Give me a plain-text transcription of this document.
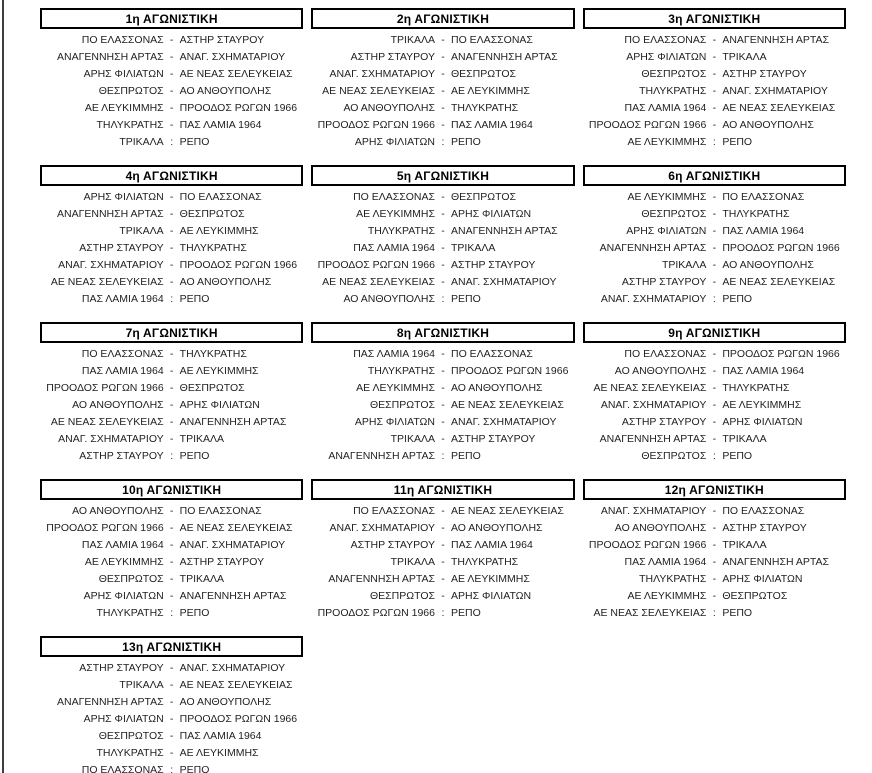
1η ΑΓΩΝΙΣΤΙΚΗ
ΠΟ ΕΛΑΣΣΟΝΑΣ - ΑΣΤΗΡ ΣΤΑΥΡΟΥ
ΑΝΑΓΕΝΝΗΣΗ ΑΡΤΑΣ - ΑΝΑΓ. ΣΧΗΜΑΤΑΡΙΟΥ
ΑΡΗΣ ΦΙΛΙΑΤΩΝ - ΑΕ ΝΕΑΣ ΣΕΛΕΥΚΕΙΑΣ
ΘΕΣΠΡΩΤΟΣ - ΑΟ ΑΝΘΟΥΠΟΛΗΣ
ΑΕ ΛΕΥΚΙΜΜΗΣ - ΠΡΟΟΔΟΣ ΡΩΓΩΝ 1966
ΤΗΛΥΚΡΑΤΗΣ - ΠΑΣ ΛΑΜΙΑ 1964
ΤΡΙΚΑΛΑ : ΡΕΠΟ
2η ΑΓΩΝΙΣΤΙΚΗ
ΤΡΙΚΑΛΑ - ΠΟ ΕΛΑΣΣΟΝΑΣ
ΑΣΤΗΡ ΣΤΑΥΡΟΥ - ΑΝΑΓΕΝΝΗΣΗ ΑΡΤΑΣ
ΑΝΑΓ. ΣΧΗΜΑΤΑΡΙΟΥ - ΘΕΣΠΡΩΤΟΣ
ΑΕ ΝΕΑΣ ΣΕΛΕΥΚΕΙΑΣ - ΑΕ ΛΕΥΚΙΜΜΗΣ
ΑΟ ΑΝΘΟΥΠΟΛΗΣ - ΤΗΛΥΚΡΑΤΗΣ
ΠΡΟΟΔΟΣ ΡΩΓΩΝ 1966 - ΠΑΣ ΛΑΜΙΑ 1964
ΑΡΗΣ ΦΙΛΙΑΤΩΝ : ΡΕΠΟ
3η ΑΓΩΝΙΣΤΙΚΗ
ΠΟ ΕΛΑΣΣΟΝΑΣ - ΑΝΑΓΕΝΝΗΣΗ ΑΡΤΑΣ
ΑΡΗΣ ΦΙΛΙΑΤΩΝ - ΤΡΙΚΑΛΑ
ΘΕΣΠΡΩΤΟΣ - ΑΣΤΗΡ ΣΤΑΥΡΟΥ
ΤΗΛΥΚΡΑΤΗΣ - ΑΝΑΓ. ΣΧΗΜΑΤΑΡΙΟΥ
ΠΑΣ ΛΑΜΙΑ 1964 - ΑΕ ΝΕΑΣ ΣΕΛΕΥΚΕΙΑΣ
ΠΡΟΟΔΟΣ ΡΩΓΩΝ 1966 - ΑΟ ΑΝΘΟΥΠΟΛΗΣ
ΑΕ ΛΕΥΚΙΜΜΗΣ : ΡΕΠΟ
4η ΑΓΩΝΙΣΤΙΚΗ
ΑΡΗΣ ΦΙΛΙΑΤΩΝ - ΠΟ ΕΛΑΣΣΟΝΑΣ
ΑΝΑΓΕΝΝΗΣΗ ΑΡΤΑΣ - ΘΕΣΠΡΩΤΟΣ
ΤΡΙΚΑΛΑ - ΑΕ ΛΕΥΚΙΜΜΗΣ
ΑΣΤΗΡ ΣΤΑΥΡΟΥ - ΤΗΛΥΚΡΑΤΗΣ
ΑΝΑΓ. ΣΧΗΜΑΤΑΡΙΟΥ - ΠΡΟΟΔΟΣ ΡΩΓΩΝ 1966
ΑΕ ΝΕΑΣ ΣΕΛΕΥΚΕΙΑΣ - ΑΟ ΑΝΘΟΥΠΟΛΗΣ
ΠΑΣ ΛΑΜΙΑ 1964 : ΡΕΠΟ
5η ΑΓΩΝΙΣΤΙΚΗ
ΠΟ ΕΛΑΣΣΟΝΑΣ - ΘΕΣΠΡΩΤΟΣ
ΑΕ ΛΕΥΚΙΜΜΗΣ - ΑΡΗΣ ΦΙΛΙΑΤΩΝ
ΤΗΛΥΚΡΑΤΗΣ - ΑΝΑΓΕΝΝΗΣΗ ΑΡΤΑΣ
ΠΑΣ ΛΑΜΙΑ 1964 - ΤΡΙΚΑΛΑ
ΠΡΟΟΔΟΣ ΡΩΓΩΝ 1966 - ΑΣΤΗΡ ΣΤΑΥΡΟΥ
ΑΕ ΝΕΑΣ ΣΕΛΕΥΚΕΙΑΣ - ΑΝΑΓ. ΣΧΗΜΑΤΑΡΙΟΥ
ΑΟ ΑΝΘΟΥΠΟΛΗΣ : ΡΕΠΟ
6η ΑΓΩΝΙΣΤΙΚΗ
ΑΕ ΛΕΥΚΙΜΜΗΣ - ΠΟ ΕΛΑΣΣΟΝΑΣ
ΘΕΣΠΡΩΤΟΣ - ΤΗΛΥΚΡΑΤΗΣ
ΑΡΗΣ ΦΙΛΙΑΤΩΝ - ΠΑΣ ΛΑΜΙΑ 1964
ΑΝΑΓΕΝΝΗΣΗ ΑΡΤΑΣ - ΠΡΟΟΔΟΣ ΡΩΓΩΝ 1966
ΤΡΙΚΑΛΑ - ΑΟ ΑΝΘΟΥΠΟΛΗΣ
ΑΣΤΗΡ ΣΤΑΥΡΟΥ - ΑΕ ΝΕΑΣ ΣΕΛΕΥΚΕΙΑΣ
ΑΝΑΓ. ΣΧΗΜΑΤΑΡΙΟΥ : ΡΕΠΟ
7η ΑΓΩΝΙΣΤΙΚΗ
ΠΟ ΕΛΑΣΣΟΝΑΣ - ΤΗΛΥΚΡΑΤΗΣ
ΠΑΣ ΛΑΜΙΑ 1964 - ΑΕ ΛΕΥΚΙΜΜΗΣ
ΠΡΟΟΔΟΣ ΡΩΓΩΝ 1966 - ΘΕΣΠΡΩΤΟΣ
ΑΟ ΑΝΘΟΥΠΟΛΗΣ - ΑΡΗΣ ΦΙΛΙΑΤΩΝ
ΑΕ ΝΕΑΣ ΣΕΛΕΥΚΕΙΑΣ - ΑΝΑΓΕΝΝΗΣΗ ΑΡΤΑΣ
ΑΝΑΓ. ΣΧΗΜΑΤΑΡΙΟΥ - ΤΡΙΚΑΛΑ
ΑΣΤΗΡ ΣΤΑΥΡΟΥ : ΡΕΠΟ
8η ΑΓΩΝΙΣΤΙΚΗ
ΠΑΣ ΛΑΜΙΑ 1964 - ΠΟ ΕΛΑΣΣΟΝΑΣ
ΤΗΛΥΚΡΑΤΗΣ - ΠΡΟΟΔΟΣ ΡΩΓΩΝ 1966
ΑΕ ΛΕΥΚΙΜΜΗΣ - ΑΟ ΑΝΘΟΥΠΟΛΗΣ
ΘΕΣΠΡΩΤΟΣ - ΑΕ ΝΕΑΣ ΣΕΛΕΥΚΕΙΑΣ
ΑΡΗΣ ΦΙΛΙΑΤΩΝ - ΑΝΑΓ. ΣΧΗΜΑΤΑΡΙΟΥ
ΤΡΙΚΑΛΑ - ΑΣΤΗΡ ΣΤΑΥΡΟΥ
ΑΝΑΓΕΝΝΗΣΗ ΑΡΤΑΣ : ΡΕΠΟ
9η ΑΓΩΝΙΣΤΙΚΗ
ΠΟ ΕΛΑΣΣΟΝΑΣ - ΠΡΟΟΔΟΣ ΡΩΓΩΝ 1966
ΑΟ ΑΝΘΟΥΠΟΛΗΣ - ΠΑΣ ΛΑΜΙΑ 1964
ΑΕ ΝΕΑΣ ΣΕΛΕΥΚΕΙΑΣ - ΤΗΛΥΚΡΑΤΗΣ
ΑΝΑΓ. ΣΧΗΜΑΤΑΡΙΟΥ - ΑΕ ΛΕΥΚΙΜΜΗΣ
ΑΣΤΗΡ ΣΤΑΥΡΟΥ - ΑΡΗΣ ΦΙΛΙΑΤΩΝ
ΑΝΑΓΕΝΝΗΣΗ ΑΡΤΑΣ - ΤΡΙΚΑΛΑ
ΘΕΣΠΡΩΤΟΣ : ΡΕΠΟ
10η ΑΓΩΝΙΣΤΙΚΗ
ΑΟ ΑΝΘΟΥΠΟΛΗΣ - ΠΟ ΕΛΑΣΣΟΝΑΣ
ΠΡΟΟΔΟΣ ΡΩΓΩΝ 1966 - ΑΕ ΝΕΑΣ ΣΕΛΕΥΚΕΙΑΣ
ΠΑΣ ΛΑΜΙΑ 1964 - ΑΝΑΓ. ΣΧΗΜΑΤΑΡΙΟΥ
ΑΕ ΛΕΥΚΙΜΜΗΣ - ΑΣΤΗΡ ΣΤΑΥΡΟΥ
ΘΕΣΠΡΩΤΟΣ - ΤΡΙΚΑΛΑ
ΑΡΗΣ ΦΙΛΙΑΤΩΝ - ΑΝΑΓΕΝΝΗΣΗ ΑΡΤΑΣ
ΤΗΛΥΚΡΑΤΗΣ : ΡΕΠΟ
11η ΑΓΩΝΙΣΤΙΚΗ
ΠΟ ΕΛΑΣΣΟΝΑΣ - ΑΕ ΝΕΑΣ ΣΕΛΕΥΚΕΙΑΣ
ΑΝΑΓ. ΣΧΗΜΑΤΑΡΙΟΥ - ΑΟ ΑΝΘΟΥΠΟΛΗΣ
ΑΣΤΗΡ ΣΤΑΥΡΟΥ - ΠΑΣ ΛΑΜΙΑ 1964
ΤΡΙΚΑΛΑ - ΤΗΛΥΚΡΑΤΗΣ
ΑΝΑΓΕΝΝΗΣΗ ΑΡΤΑΣ - ΑΕ ΛΕΥΚΙΜΜΗΣ
ΘΕΣΠΡΩΤΟΣ - ΑΡΗΣ ΦΙΛΙΑΤΩΝ
ΠΡΟΟΔΟΣ ΡΩΓΩΝ 1966 : ΡΕΠΟ
12η ΑΓΩΝΙΣΤΙΚΗ
ΑΝΑΓ. ΣΧΗΜΑΤΑΡΙΟΥ - ΠΟ ΕΛΑΣΣΟΝΑΣ
ΑΟ ΑΝΘΟΥΠΟΛΗΣ - ΑΣΤΗΡ ΣΤΑΥΡΟΥ
ΠΡΟΟΔΟΣ ΡΩΓΩΝ 1966 - ΤΡΙΚΑΛΑ
ΠΑΣ ΛΑΜΙΑ 1964 - ΑΝΑΓΕΝΝΗΣΗ ΑΡΤΑΣ
ΤΗΛΥΚΡΑΤΗΣ - ΑΡΗΣ ΦΙΛΙΑΤΩΝ
ΑΕ ΛΕΥΚΙΜΜΗΣ - ΘΕΣΠΡΩΤΟΣ
ΑΕ ΝΕΑΣ ΣΕΛΕΥΚΕΙΑΣ : ΡΕΠΟ
13η ΑΓΩΝΙΣΤΙΚΗ
ΑΣΤΗΡ ΣΤΑΥΡΟΥ - ΑΝΑΓ. ΣΧΗΜΑΤΑΡΙΟΥ
ΤΡΙΚΑΛΑ - ΑΕ ΝΕΑΣ ΣΕΛΕΥΚΕΙΑΣ
ΑΝΑΓΕΝΝΗΣΗ ΑΡΤΑΣ - ΑΟ ΑΝΘΟΥΠΟΛΗΣ
ΑΡΗΣ ΦΙΛΙΑΤΩΝ - ΠΡΟΟΔΟΣ ΡΩΓΩΝ 1966
ΘΕΣΠΡΩΤΟΣ - ΠΑΣ ΛΑΜΙΑ 1964
ΤΗΛΥΚΡΑΤΗΣ - ΑΕ ΛΕΥΚΙΜΜΗΣ
ΠΟ ΕΛΑΣΣΟΝΑΣ : ΡΕΠΟ
